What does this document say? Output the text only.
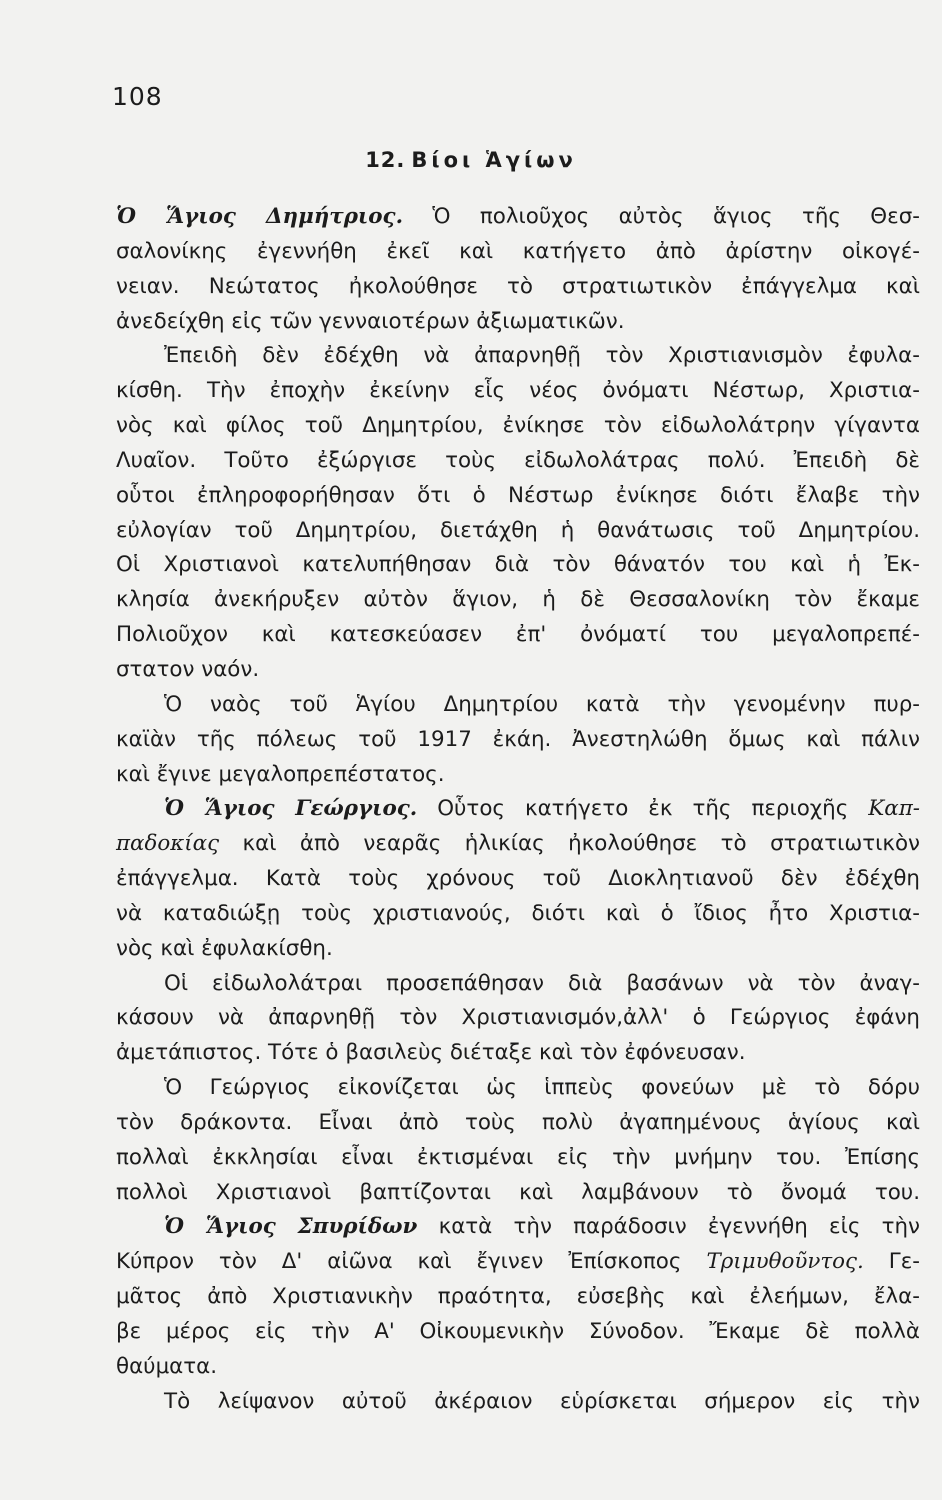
108
12. Βίοι Ἁγίων
Ὁ Ἅγιος Δημήτριος. Ὁ πολιοῦχος αὐτὸς ἅγιος τῆς Θεσ-
σαλονίκης ἐγεννήθη ἐκεῖ καὶ κατήγετο ἀπὸ ἀρίστην οἰκογέ-
νειαν. Νεώτατος ἠκολούθησε τὸ στρατιωτικὸν ἐπάγγελμα καὶ
ἀνεδείχθη εἰς τῶν γενναιοτέρων ἀξιωματικῶν.
Ἐπειδὴ δὲν ἐδέχθη νὰ ἀπαρνηθῇ τὸν Χριστιανισμὸν ἐφυλα-
κίσθη. Τὴν ἐποχὴν ἐκείνην εἷς νέος ὀνόματι Νέστωρ, Χριστια-
νὸς καὶ φίλος τοῦ Δημητρίου, ἐνίκησε τὸν εἰδωλολάτρην γίγαντα
Λυαῖον. Τοῦτο ἐξώργισε τοὺς εἰδωλολάτρας πολύ. Ἐπειδὴ δὲ
οὗτοι ἐπληροφορήθησαν ὅτι ὁ Νέστωρ ἐνίκησε διότι ἔλαβε τὴν
εὐλογίαν τοῦ Δημητρίου, διετάχθη ἡ θανάτωσις τοῦ Δημητρίου.
Οἱ Χριστιανοὶ κατελυπήθησαν διὰ τὸν θάνατόν του καὶ ἡ Ἐκ-
κλησία ἀνεκήρυξεν αὐτὸν ἅγιον, ἡ δὲ Θεσσαλονίκη τὸν ἔκαμε
Πολιοῦχον καὶ κατεσκεύασεν ἐπ' ὀνόματί του μεγαλοπρεπέ-
στατον ναόν.
Ὁ ναὸς τοῦ Ἁγίου Δημητρίου κατὰ τὴν γενομένην πυρ-
καϊὰν τῆς πόλεως τοῦ 1917 ἐκάη. Ἀνεστηλώθη ὅμως καὶ πάλιν
καὶ ἔγινε μεγαλοπρεπέστατος.
Ὁ Ἅγιος Γεώργιος. Οὗτος κατήγετο ἐκ τῆς περιοχῆς Καπ-
παδοκίας καὶ ἀπὸ νεαρᾶς ἡλικίας ἠκολούθησε τὸ στρατιωτικὸν
ἐπάγγελμα. Κατὰ τοὺς χρόνους τοῦ Διοκλητιανοῦ δὲν ἐδέχθη
νὰ καταδιώξῃ τοὺς χριστιανούς, διότι καὶ ὁ ἴδιος ἦτο Χριστια-
νὸς καὶ ἐφυλακίσθη.
Οἱ εἰδωλολάτραι προσεπάθησαν διὰ βασάνων νὰ τὸν ἀναγ-
κάσουν νὰ ἀπαρνηθῇ τὸν Χριστιανισμόν,ἀλλ' ὁ Γεώργιος ἐφάνη
ἀμετάπιστος. Τότε ὁ βασιλεὺς διέταξε καὶ τὸν ἐφόνευσαν.
Ὁ Γεώργιος εἰκονίζεται ὡς ἱππεὺς φονεύων μὲ τὸ δόρυ
τὸν δράκοντα. Εἶναι ἀπὸ τοὺς πολὺ ἀγαπημένους ἁγίους καὶ
πολλαὶ ἐκκλησίαι εἶναι ἐκτισμέναι εἰς τὴν μνήμην του. Ἐπίσης
πολλοὶ Χριστιανοὶ βαπτίζονται καὶ λαμβάνουν τὸ ὄνομά του.
Ὁ Ἅγιος Σπυρίδων κατὰ τὴν παράδοσιν ἐγεννήθη εἰς τὴν
Κύπρον τὸν Δ' αἰῶνα καὶ ἔγινεν Ἐπίσκοπος Τριμυθοῦντος. Γε-
μᾶτος ἀπὸ Χριστιανικὴν πραότητα, εὐσεβὴς καὶ ἐλεήμων, ἔλα-
βε μέρος εἰς τὴν Α' Οἰκουμενικὴν Σύνοδον. Ἔκαμε δὲ πολλὰ
θαύματα.
Τὸ λείψανον αὐτοῦ ἀκέραιον εὑρίσκεται σήμερον εἰς τὴν
